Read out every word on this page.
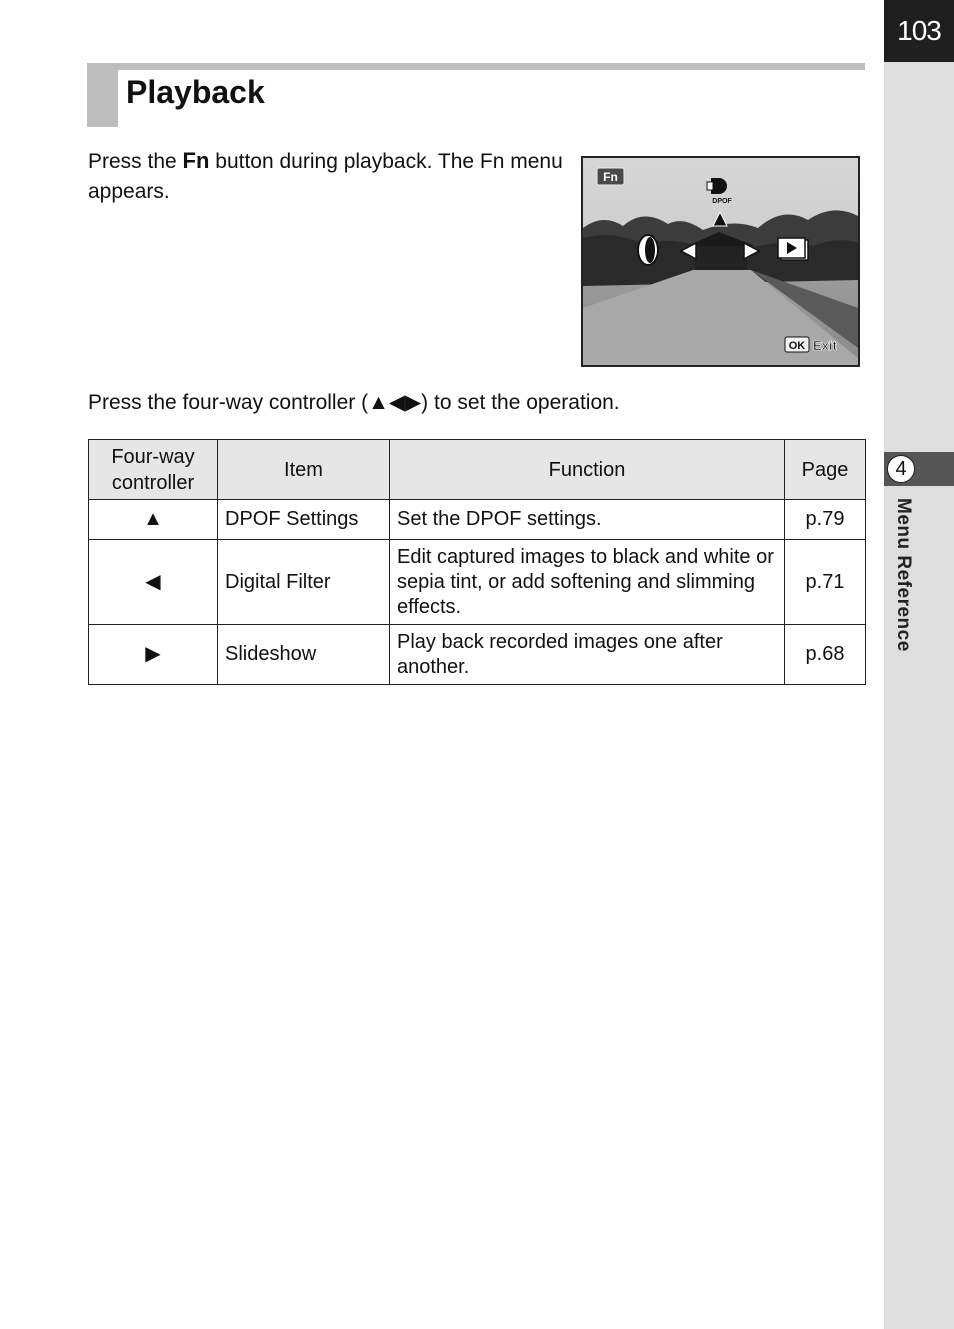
103
4
Menu Reference
Playback
Press the Fn button during playback. The Fn menu appears.
Fn
DPOF
OK Exit
Press the four-way controller (▲◀▶) to set the operation.
Four-way controller	Item	Function	Page
▲	DPOF Settings	Set the DPOF settings.	p.79
◀	Digital Filter	Edit captured images to black and white or sepia tint, or add softening and slimming effects.	p.71
▶	Slideshow	Play back recorded images one after another.	p.68
